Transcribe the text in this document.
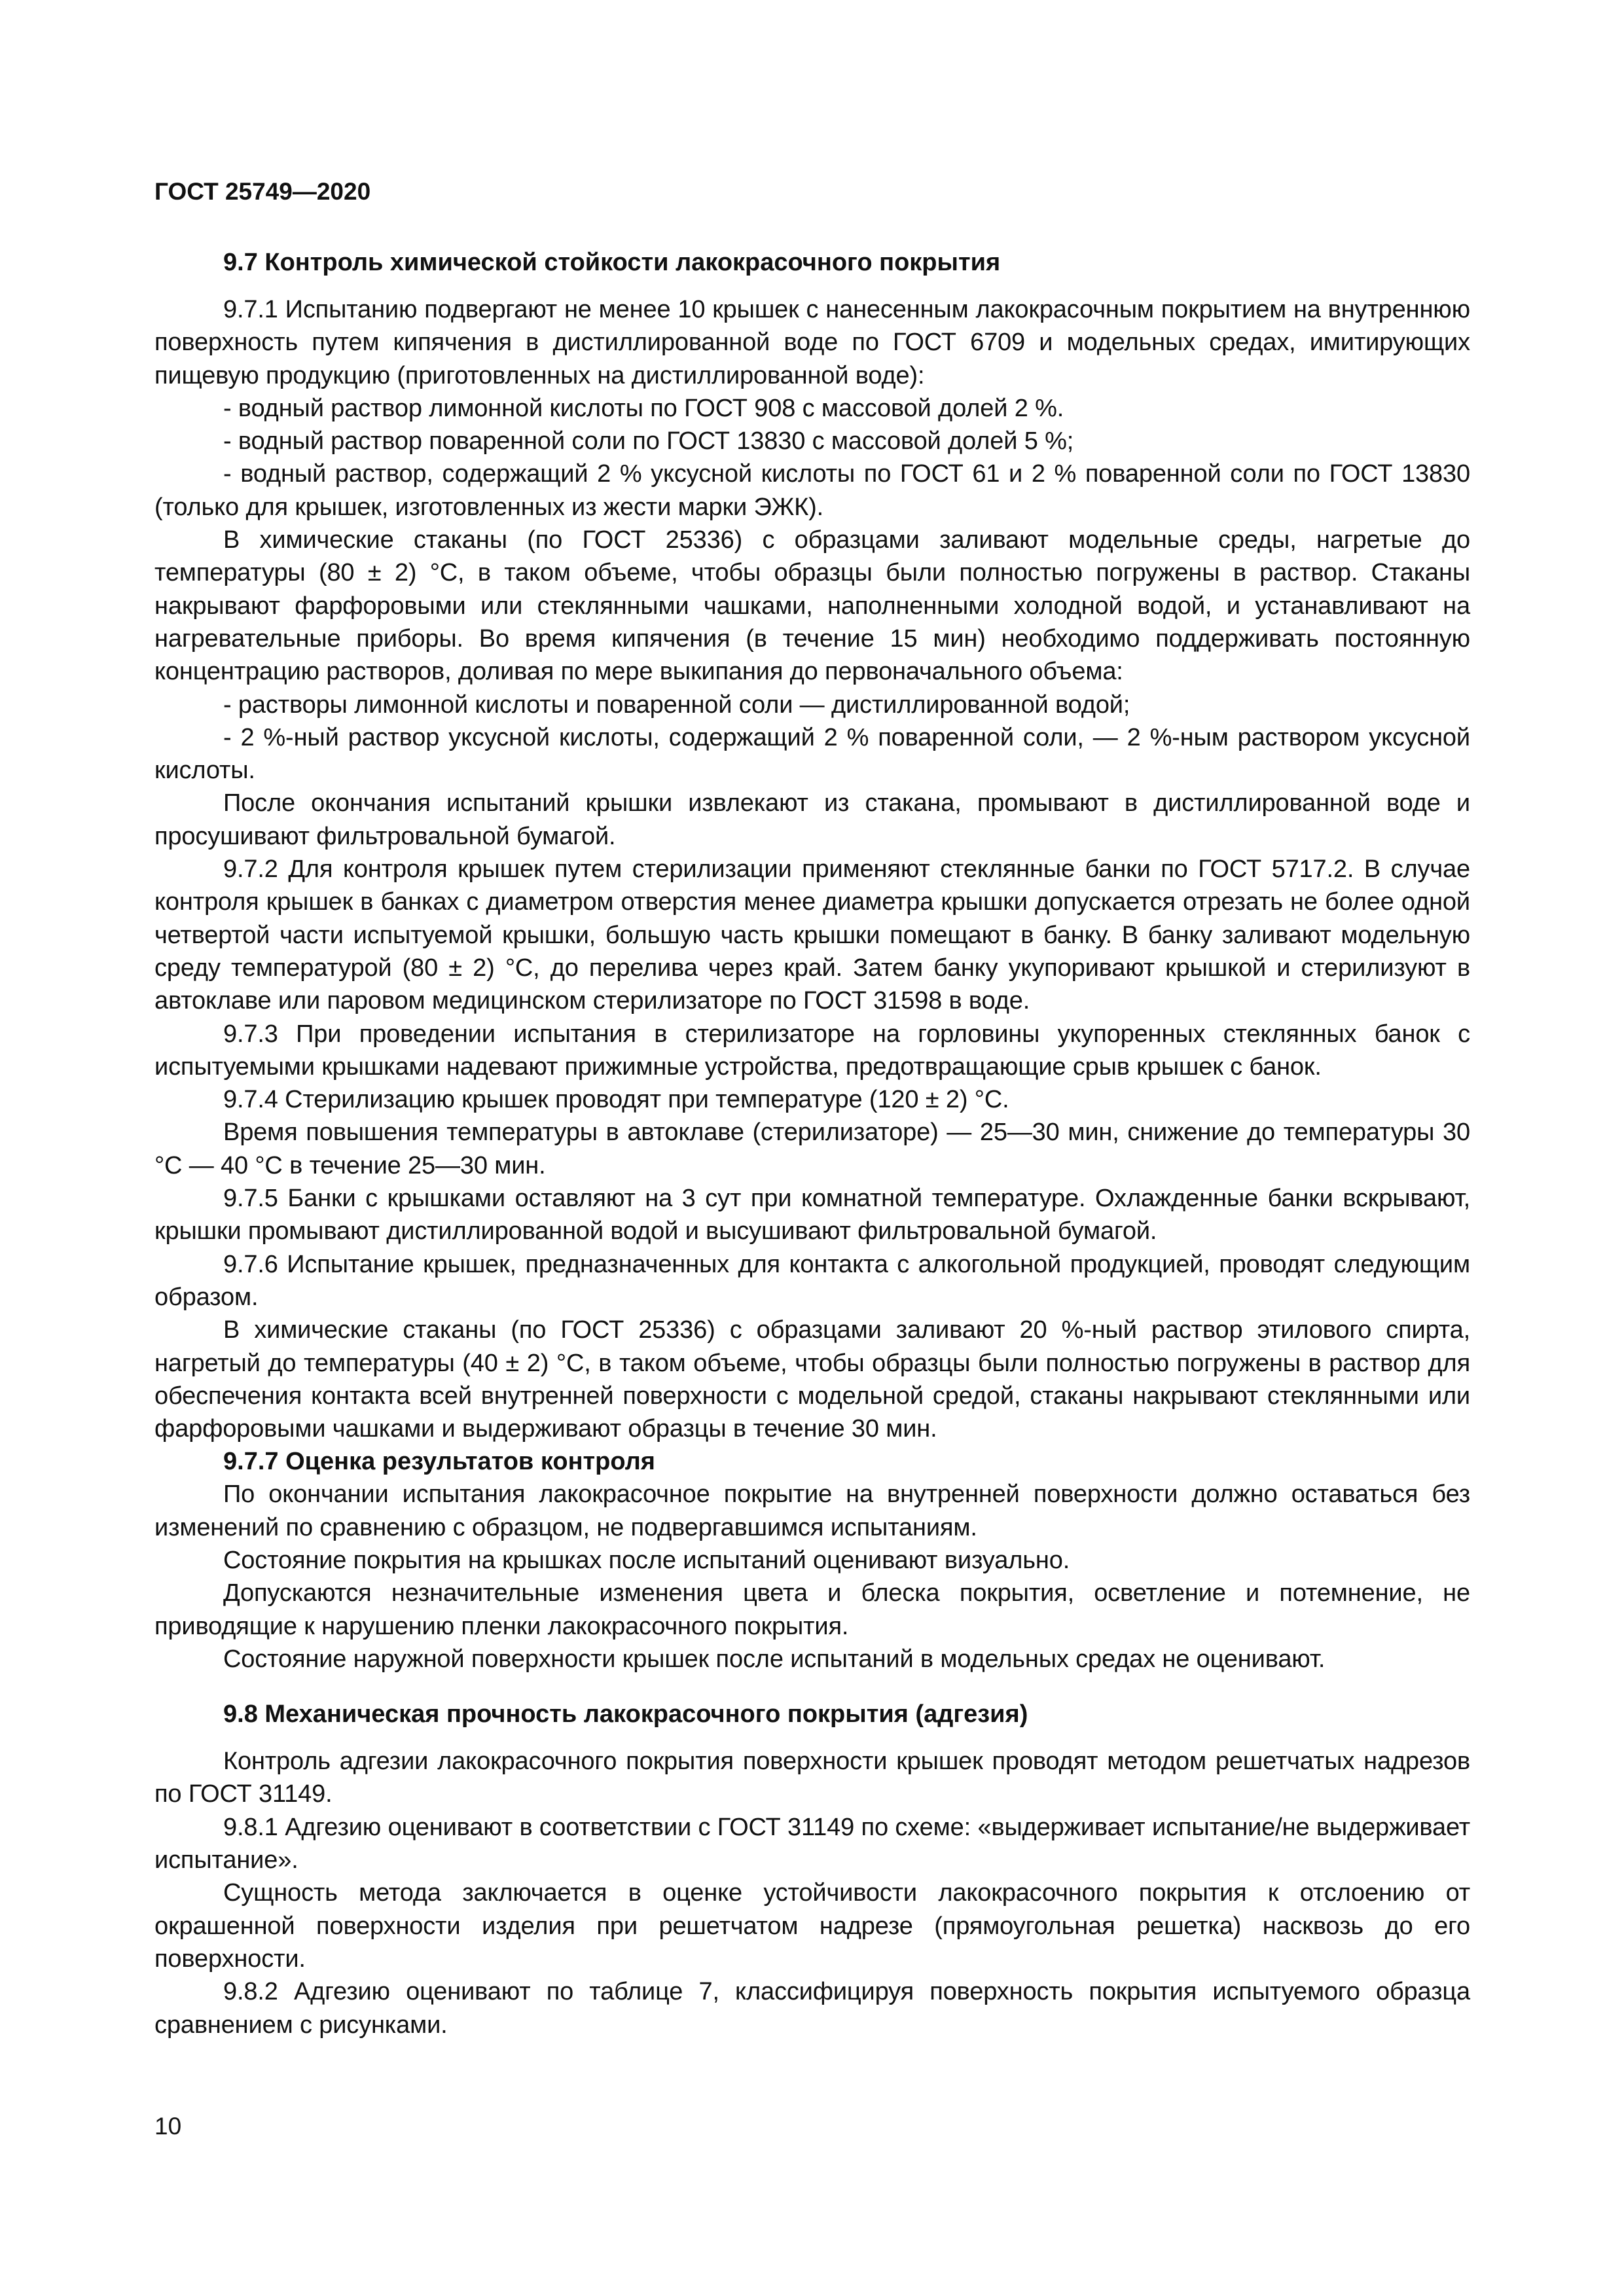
ГОСТ 25749—2020
9.7 Контроль химической стойкости лакокрасочного покрытия

9.7.1 Испытанию подвергают не менее 10 крышек с нанесенным лакокрасочным покрытием на внутреннюю поверхность путем кипячения в дистиллированной воде по ГОСТ 6709 и модельных средах, имитирующих пищевую продукцию (приготовленных на дистиллированной воде):

- водный раствор лимонной кислоты по ГОСТ 908 с массовой долей 2 %.

- водный раствор поваренной соли по ГОСТ 13830 с массовой долей 5 %;

- водный раствор, содержащий 2 % уксусной кислоты по ГОСТ 61 и 2 % поваренной соли по ГОСТ 13830 (только для крышек, изготовленных из жести марки ЭЖК).

В химические стаканы (по ГОСТ 25336) с образцами заливают модельные среды, нагретые до температуры (80 ± 2) °С, в таком объеме, чтобы образцы были полностью погружены в раствор. Стаканы накрывают фарфоровыми или стеклянными чашками, наполненными холодной водой, и устанавливают на нагревательные приборы. Во время кипячения (в течение 15 мин) необходимо поддерживать постоянную концентрацию растворов, доливая по мере выкипания до первоначального объема:

- растворы лимонной кислоты и поваренной соли — дистиллированной водой;

- 2 %-ный раствор уксусной кислоты, содержащий 2 % поваренной соли, — 2 %-ным раствором уксусной кислоты.

После окончания испытаний крышки извлекают из стакана, промывают в дистиллированной воде и просушивают фильтровальной бумагой.

9.7.2 Для контроля крышек путем стерилизации применяют стеклянные банки по ГОСТ 5717.2. В случае контроля крышек в банках с диаметром отверстия менее диаметра крышки допускается отрезать не более одной четвертой части испытуемой крышки, большую часть крышки помещают в банку. В банку заливают модельную среду температурой (80 ± 2) °С, до перелива через край. Затем банку укупоривают крышкой и стерилизуют в автоклаве или паровом медицинском стерилизаторе по ГОСТ 31598 в воде.

9.7.3 При проведении испытания в стерилизаторе на горловины укупоренных стеклянных банок с испытуемыми крышками надевают прижимные устройства, предотвращающие срыв крышек с банок.

9.7.4 Стерилизацию крышек проводят при температуре (120 ± 2) °С.

Время повышения температуры в автоклаве (стерилизаторе) — 25—30 мин, снижение до температуры 30 °С — 40 °С в течение 25—30 мин.

9.7.5 Банки с крышками оставляют на 3 сут при комнатной температуре. Охлажденные банки вскрывают, крышки промывают дистиллированной водой и высушивают фильтровальной бумагой.

9.7.6 Испытание крышек, предназначенных для контакта с алкогольной продукцией, проводят следующим образом.

В химические стаканы (по ГОСТ 25336) с образцами заливают 20 %-ный раствор этилового спирта, нагретый до температуры (40 ± 2) °С, в таком объеме, чтобы образцы были полностью погружены в раствор для обеспечения контакта всей внутренней поверхности с модельной средой, стаканы накрывают стеклянными или фарфоровыми чашками и выдерживают образцы в течение 30 мин.

9.7.7 Оценка результатов контроля

По окончании испытания лакокрасочное покрытие на внутренней поверхности должно оставаться без изменений по сравнению с образцом, не подвергавшимся испытаниям.

Состояние покрытия на крышках после испытаний оценивают визуально.

Допускаются незначительные изменения цвета и блеска покрытия, осветление и потемнение, не приводящие к нарушению пленки лакокрасочного покрытия.

Состояние наружной поверхности крышек после испытаний в модельных средах не оценивают.

9.8 Механическая прочность лакокрасочного покрытия (адгезия)

Контроль адгезии лакокрасочного покрытия поверхности крышек проводят методом решетчатых надрезов по ГОСТ 31149.

9.8.1 Адгезию оценивают в соответствии с ГОСТ 31149 по схеме: «выдерживает испытание/не выдерживает испытание».

Сущность метода заключается в оценке устойчивости лакокрасочного покрытия к отслоению от окрашенной поверхности изделия при решетчатом надрезе (прямоугольная решетка) насквозь до его поверхности.

9.8.2 Адгезию оценивают по таблице 7, классифицируя поверхность покрытия испытуемого образца сравнением с рисунками.

10
